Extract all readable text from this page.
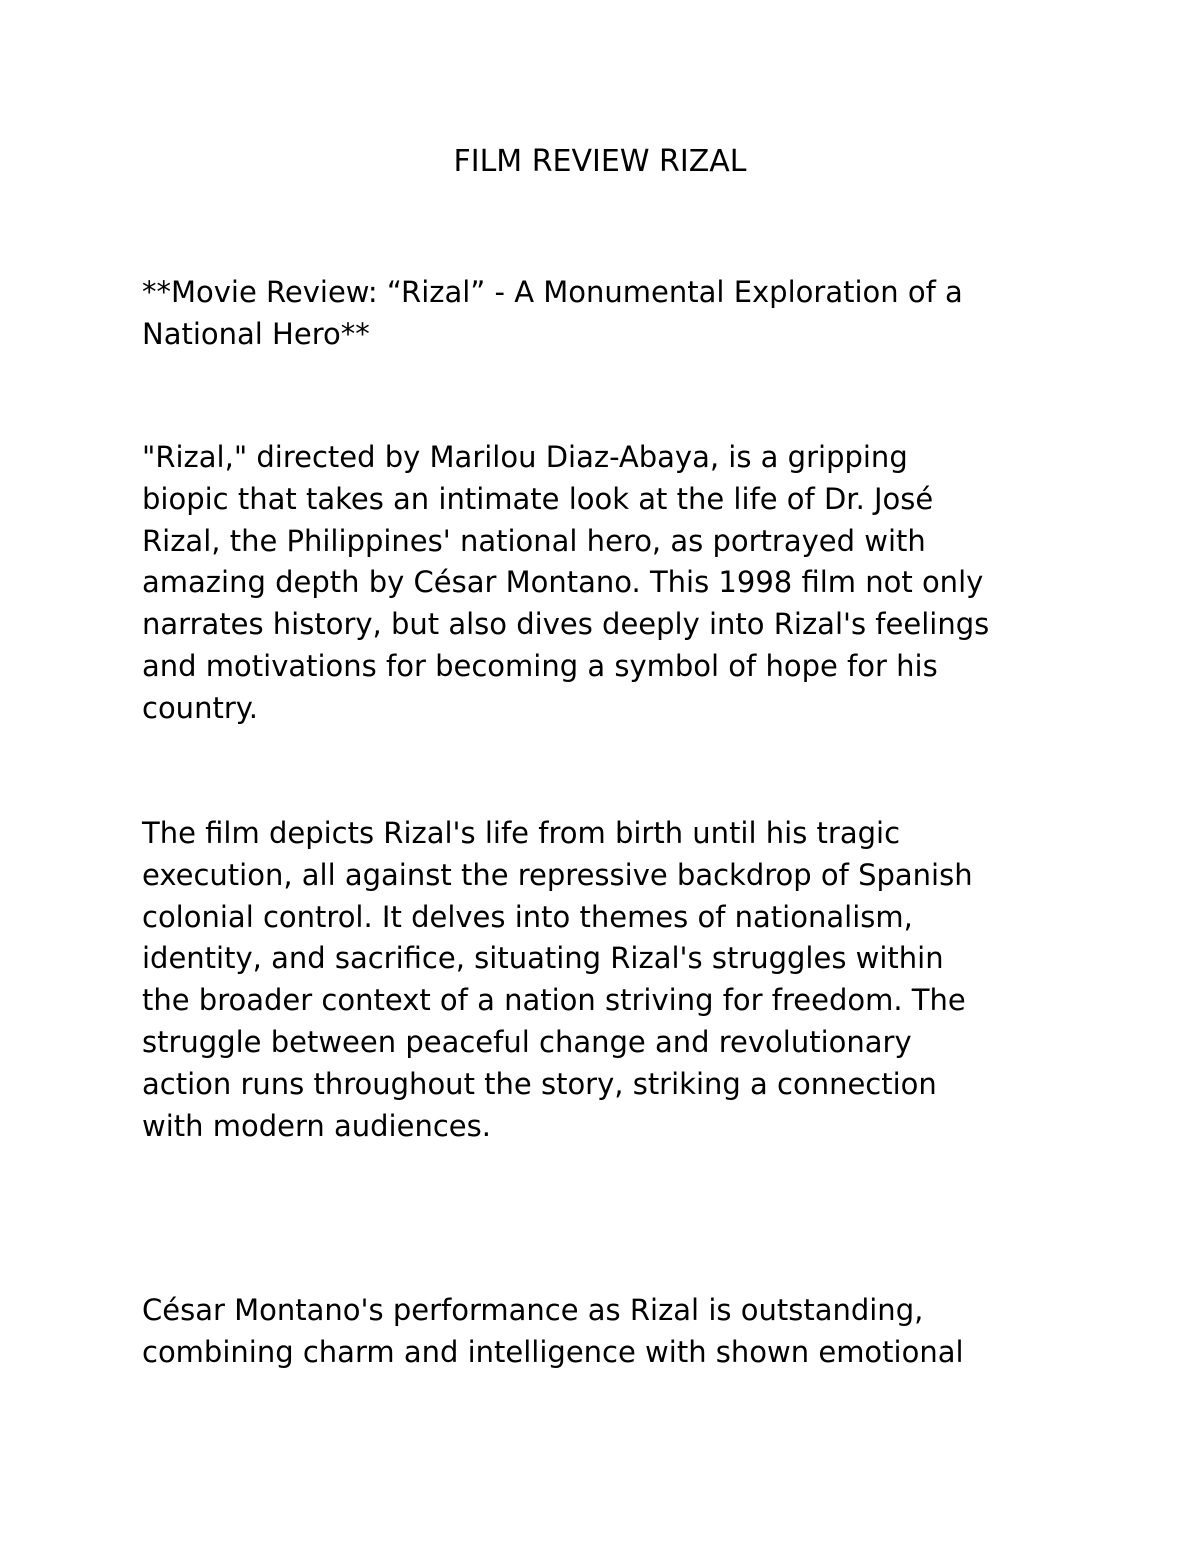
FILM REVIEW RIZAL

**Movie Review: “Rizal” - A Monumental Exploration of a
National Hero**

"Rizal," directed by Marilou Diaz-Abaya, is a gripping
biopic that takes an intimate look at the life of Dr. José
Rizal, the Philippines' national hero, as portrayed with
amazing depth by César Montano. This 1998 film not only
narrates history, but also dives deeply into Rizal's feelings
and motivations for becoming a symbol of hope for his
country.

The film depicts Rizal's life from birth until his tragic
execution, all against the repressive backdrop of Spanish
colonial control. It delves into themes of nationalism,
identity, and sacrifice, situating Rizal's struggles within
the broader context of a nation striving for freedom. The
struggle between peaceful change and revolutionary
action runs throughout the story, striking a connection
with modern audiences.

César Montano's performance as Rizal is outstanding,
combining charm and intelligence with shown emotional
